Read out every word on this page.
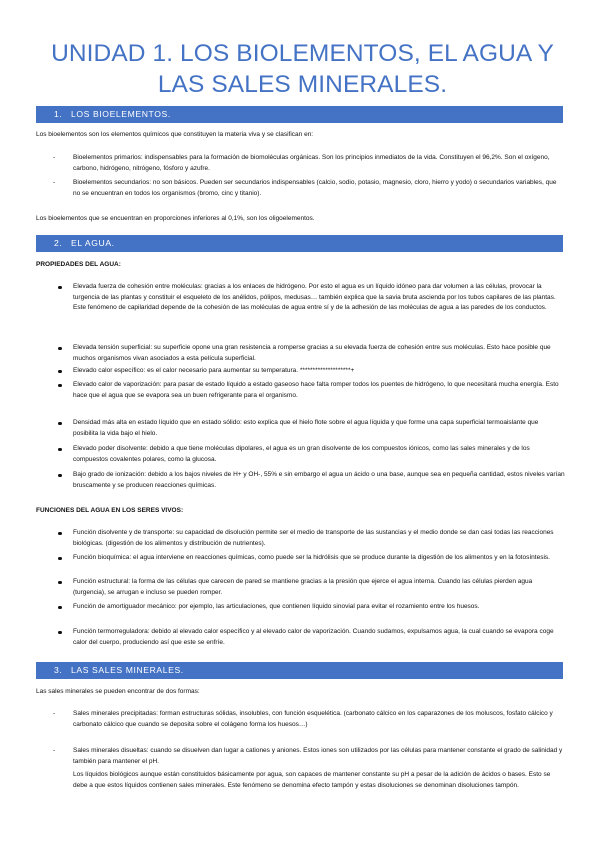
UNIDAD 1. LOS BIOLEMENTOS, EL AGUA Y LAS SALES MINERALES.
1. LOS BIOELEMENTOS.
Los bioelementos son los elementos químicos que constituyen la materia viva y se clasifican en:
-	Bioelementos primarios: indispensables para la formación de biomoléculas orgánicas. Son los principios inmediatos de la vida. Constituyen el 96,2%. Son el oxígeno, carbono, hidrógeno, nitrógeno, fósforo y azufre.
-	Bioelementos secundarios: no son básicos. Pueden ser secundarios indispensables (calcio, sodio, potasio, magnesio, cloro, hierro y yodo) o secundarios variables, que no se encuentran en todos los organismos (bromo, cinc y titanio).
Los bioelementos que se encuentran en proporciones inferiores al 0,1%, son los oligoelementos.
2. EL AGUA.
PROPIEDADES DEL AGUA:
Elevada fuerza de cohesión entre moléculas: gracias a los enlaces de hidrógeno. Por esto el agua es un líquido idóneo para dar volumen a las células, provocar la turgencia de las plantas y constituir el esqueleto de los anélidos, pólipos, medusas… también explica que la savia bruta ascienda por los tubos capilares de las plantas. Este fenómeno de capilaridad depende de la cohesión de las moléculas de agua entre sí y de la adhesión de las moléculas de agua a las paredes de los conductos.
Elevada tensión superficial: su superficie opone una gran resistencia a romperse gracias a su elevada fuerza de cohesión entre sus moléculas. Esto hace posible que muchos organismos vivan asociados a esta película superficial.
Elevado calor específico: es el calor necesario para aumentar su temperatura. ********************+
Elevado calor de vaporización: para pasar de estado líquido a estado gaseoso hace falta romper todos los puentes de hidrógeno, lo que necesitará mucha energía. Esto hace que el agua que se evapora sea un buen refrigerante para el organismo.
Densidad más alta en estado líquido que en estado sólido: esto explica que el hielo flote sobre el agua líquida y que forme una capa superficial termoaislante que posibilita la vida bajo el hielo.
Elevado poder disolvente: debido a que tiene moléculas dipolares, el agua es un gran disolvente de los compuestos iónicos, como las sales minerales y de los compuestos covalentes polares, como la glucosa.
Bajo grado de ionización: debido a los bajos niveles de H+ y OH-, 55% e sin embargo el agua un ácido o una base, aunque sea en pequeña cantidad, estos niveles varían bruscamente y se producen reacciones químicas.
FUNCIONES DEL AGUA EN LOS SERES VIVOS:
Función disolvente y de transporte: su capacidad de disolución permite ser el medio de transporte de las sustancias y el medio donde se dan casi todas las reacciones biológicas. (digestión de los alimentos y distribución de nutrientes).
Función bioquímica: el agua interviene en reacciones químicas, como puede ser la hidrólisis que se produce durante la digestión de los alimentos y en la fotosíntesis.
Función estructural: la forma de las células que carecen de pared se mantiene gracias a la presión que ejerce el agua interna. Cuando las células pierden agua (turgencia), se arrugan e incluso se pueden romper.
Función de amortiguador mecánico: por ejemplo, las articulaciones, que contienen líquido sinovial para evitar el rozamiento entre los huesos.
Función termorreguladora: debido al elevado calor específico y al elevado calor de vaporización. Cuando sudamos, expulsamos agua, la cual cuando se evapora coge calor del cuerpo, produciendo así que este se enfríe.
3. LAS SALES MINERALES.
Las sales minerales se pueden encontrar de dos formas:
-	Sales minerales precipitadas: forman estructuras sólidas, insolubles, con función esquelética. (carbonato cálcico en los caparazones de los moluscos, fosfato cálcico y carbonato cálcico que cuando se deposita sobre el colágeno forma los huesos…)
-	Sales minerales disueltas: cuando se disuelven dan lugar a cationes y aniones. Estos iones son utilizados por las células para mantener constante el grado de salinidad y también para mantener el pH.
Los líquidos biológicos aunque están constituidos básicamente por agua, son capaces de mantener constante su pH a pesar de la adición de ácidos o bases. Esto se debe a que estos líquidos contienen sales minerales. Este fenómeno se denomina efecto tampón y estas disoluciones se denominan disoluciones tampón.
